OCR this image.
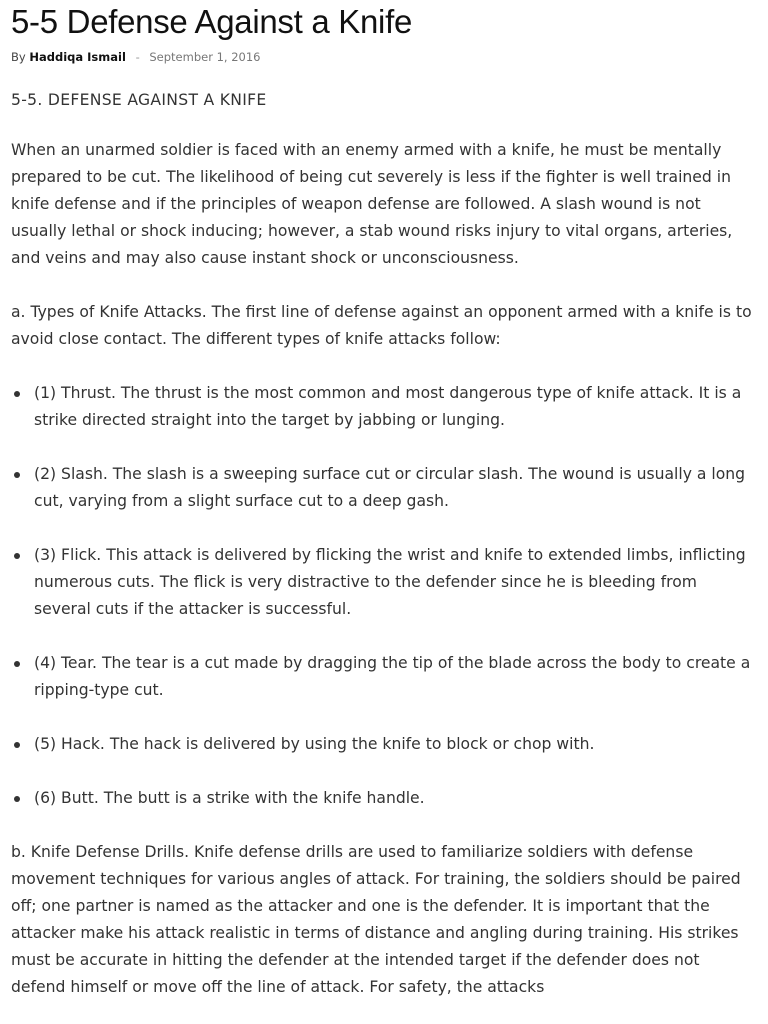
5-5 Defense Against a Knife
By Haddiqa Ismail - September 1, 2016

5-5. DEFENSE AGAINST A KNIFE

When an unarmed soldier is faced with an enemy armed with a knife, he must be mentally prepared to be cut. The likelihood of being cut severely is less if the fighter is well trained in knife defense and if the principles of weapon defense are followed. A slash wound is not usually lethal or shock inducing; however, a stab wound risks injury to vital organs, arteries, and veins and may also cause instant shock or unconsciousness.

a. Types of Knife Attacks. The first line of defense against an opponent armed with a knife is to avoid close contact. The different types of knife attacks follow:

(1) Thrust. The thrust is the most common and most dangerous type of knife attack. It is a strike directed straight into the target by jabbing or lunging.
(2) Slash. The slash is a sweeping surface cut or circular slash. The wound is usually a long cut, varying from a slight surface cut to a deep gash.
(3) Flick. This attack is delivered by flicking the wrist and knife to extended limbs, inflicting numerous cuts. The flick is very distractive to the defender since he is bleeding from several cuts if the attacker is successful.
(4) Tear. The tear is a cut made by dragging the tip of the blade across the body to create a ripping-type cut.
(5) Hack. The hack is delivered by using the knife to block or chop with.
(6) Butt. The butt is a strike with the knife handle.

b. Knife Defense Drills. Knife defense drills are used to familiarize soldiers with defense movement techniques for various angles of attack. For training, the soldiers should be paired off; one partner is named as the attacker and one is the defender. It is important that the attacker make his attack realistic in terms of distance and angling during training. His strikes must be accurate in hitting the defender at the intended target if the defender does not defend himself or move off the line of attack. For safety, the attacks
